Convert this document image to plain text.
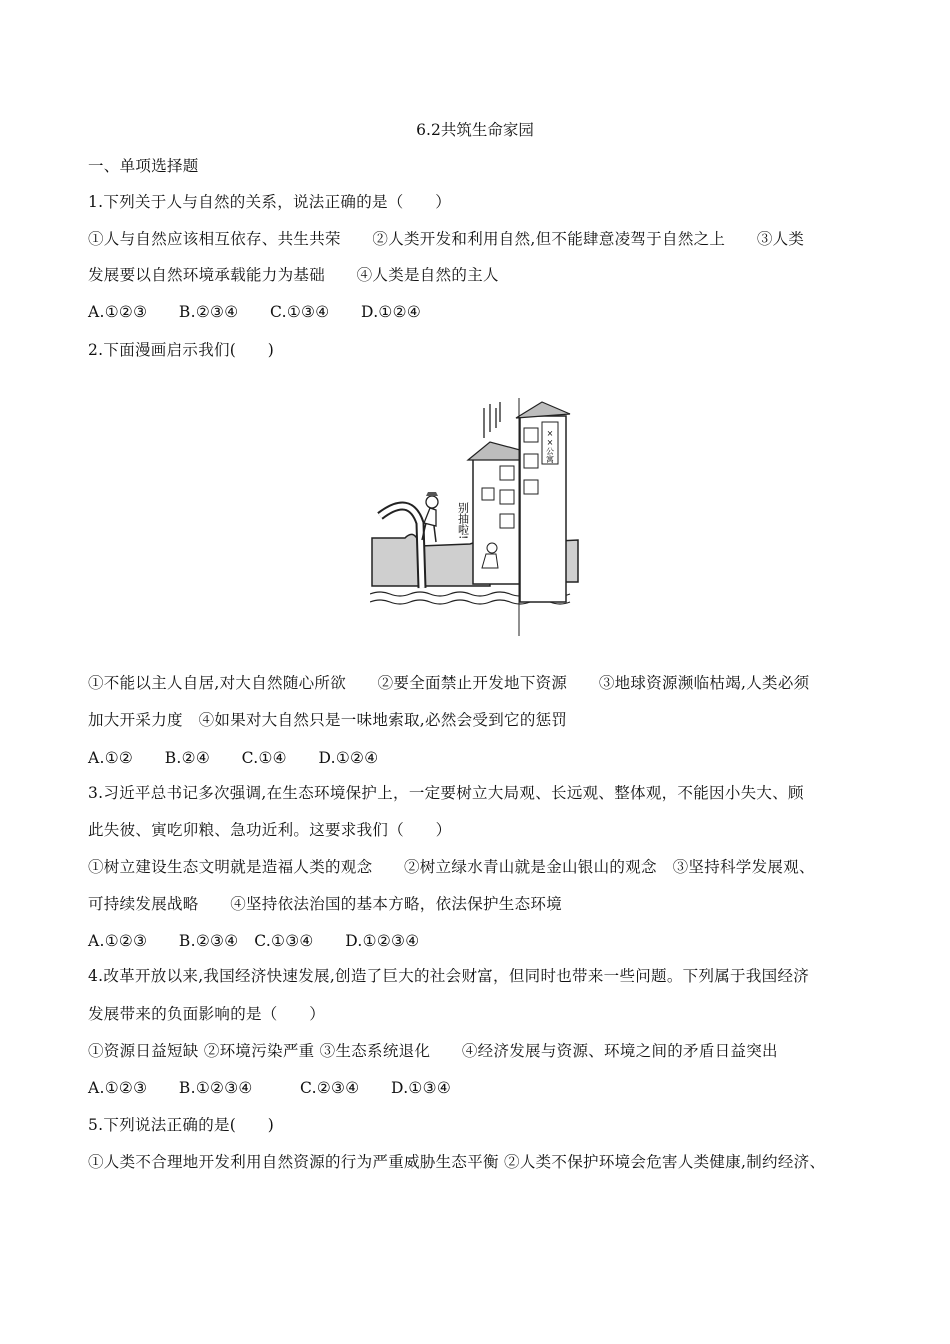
6.2共筑生命家园
一、单项选择题
1.下列关于人与自然的关系，说法正确的是（　　）
①人与自然应该相互依存、共生共荣　　②人类开发和利用自然,但不能肆意凌驾于自然之上　　③人类
发展要以自然环境承载能力为基础　　④人类是自然的主人
A.①②③　　B.②③④　　C.①③④　　D.①②④
2.下面漫画启示我们(　　)
别抽啦!
××公寓
①不能以主人自居,对大自然随心所欲　　②要全面禁止开发地下资源　　③地球资源濒临枯竭,人类必须
加大开采力度　④如果对大自然只是一味地索取,必然会受到它的惩罚
A.①②　　B.②④　　C.①④　　D.①②④
3.习近平总书记多次强调,在生态环境保护上，一定要树立大局观、长远观、整体观，不能因小失大、顾
此失彼、寅吃卯粮、急功近利。这要求我们（　　）
①树立建设生态文明就是造福人类的观念　　②树立绿水青山就是金山银山的观念　③坚持科学发展观、
可持续发展战略　　④坚持依法治国的基本方略，依法保护生态环境
A.①②③　　B.②③④　C.①③④　　D.①②③④
4.改革开放以来,我国经济快速发展,创造了巨大的社会财富，但同时也带来一些问题。下列属于我国经济
发展带来的负面影响的是（　　）
①资源日益短缺 ②环境污染严重 ③生态系统退化　　④经济发展与资源、环境之间的矛盾日益突出
A.①②③　　B.①②③④　　　C.②③④　　D.①③④
5.下列说法正确的是(　　)
①人类不合理地开发利用自然资源的行为严重威胁生态平衡 ②人类不保护环境会危害人类健康,制约经济、
